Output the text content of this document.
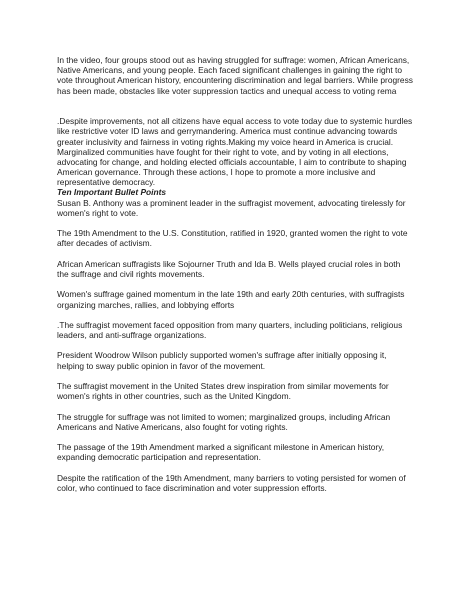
In the video, four groups stood out as having struggled for suffrage: women, African Americans,
Native Americans, and young people. Each faced significant challenges in gaining the right to
vote throughout American history, encountering discrimination and legal barriers. While progress
has been made, obstacles like voter suppression tactics and unequal access to voting rema
.Despite improvements, not all citizens have equal access to vote today due to systemic hurdles
like restrictive voter ID laws and gerrymandering. America must continue advancing towards
greater inclusivity and fairness in voting rights.Making my voice heard in America is crucial.
Marginalized communities have fought for their right to vote, and by voting in all elections,
advocating for change, and holding elected officials accountable, I aim to contribute to shaping
American governance. Through these actions, I hope to promote a more inclusive and
representative democracy.
Ten Important Bullet Points
Susan B. Anthony was a prominent leader in the suffragist movement, advocating tirelessly for
women's right to vote.
The 19th Amendment to the U.S. Constitution, ratified in 1920, granted women the right to vote
after decades of activism.
African American suffragists like Sojourner Truth and Ida B. Wells played crucial roles in both
the suffrage and civil rights movements.
Women's suffrage gained momentum in the late 19th and early 20th centuries, with suffragists
organizing marches, rallies, and lobbying efforts
.The suffragist movement faced opposition from many quarters, including politicians, religious
leaders, and anti-suffrage organizations.
President Woodrow Wilson publicly supported women's suffrage after initially opposing it,
helping to sway public opinion in favor of the movement.
The suffragist movement in the United States drew inspiration from similar movements for
women's rights in other countries, such as the United Kingdom.
The struggle for suffrage was not limited to women; marginalized groups, including African
Americans and Native Americans, also fought for voting rights.
The passage of the 19th Amendment marked a significant milestone in American history,
expanding democratic participation and representation.
Despite the ratification of the 19th Amendment, many barriers to voting persisted for women of
color, who continued to face discrimination and voter suppression efforts.
